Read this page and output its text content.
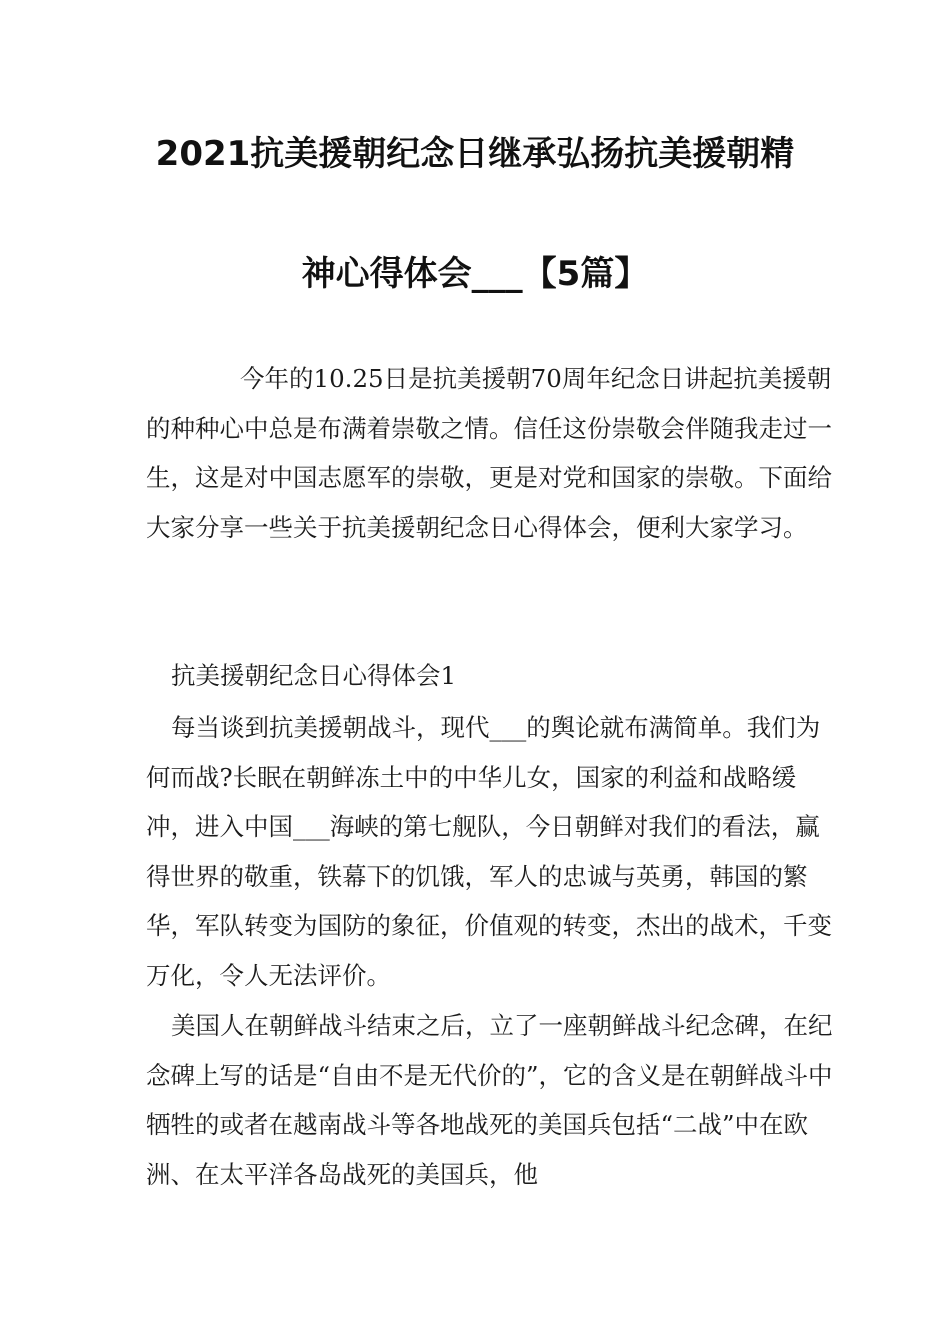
2021抗美援朝纪念日继承弘扬抗美援朝精
神心得体会___【5篇】

今年的10.25日是抗美援朝70周年纪念日讲起抗美援朝的种种心中总是布满着崇敬之情。信任这份崇敬会伴随我走过一生，这是对中国志愿军的崇敬，更是对党和国家的崇敬。下面给大家分享一些关于抗美援朝纪念日心得体会，便利大家学习。

抗美援朝纪念日心得体会1

每当谈到抗美援朝战斗，现代___的舆论就布满简单。我们为何而战?长眠在朝鲜冻土中的中华儿女，国家的利益和战略缓冲，进入中国___海峡的第七舰队，今日朝鲜对我们的看法，赢得世界的敬重，铁幕下的饥饿，军人的忠诚与英勇，韩国的繁华，军队转变为国防的象征，价值观的转变，杰出的战术，千变万化，令人无法评价。

美国人在朝鲜战斗结束之后，立了一座朝鲜战斗纪念碑，在纪念碑上写的话是“自由不是无代价的”，它的含义是在朝鲜战斗中牺牲的或者在越南战斗等各地战死的美国兵包括“二战”中在欧洲、在太平洋各岛战死的美国兵，他
